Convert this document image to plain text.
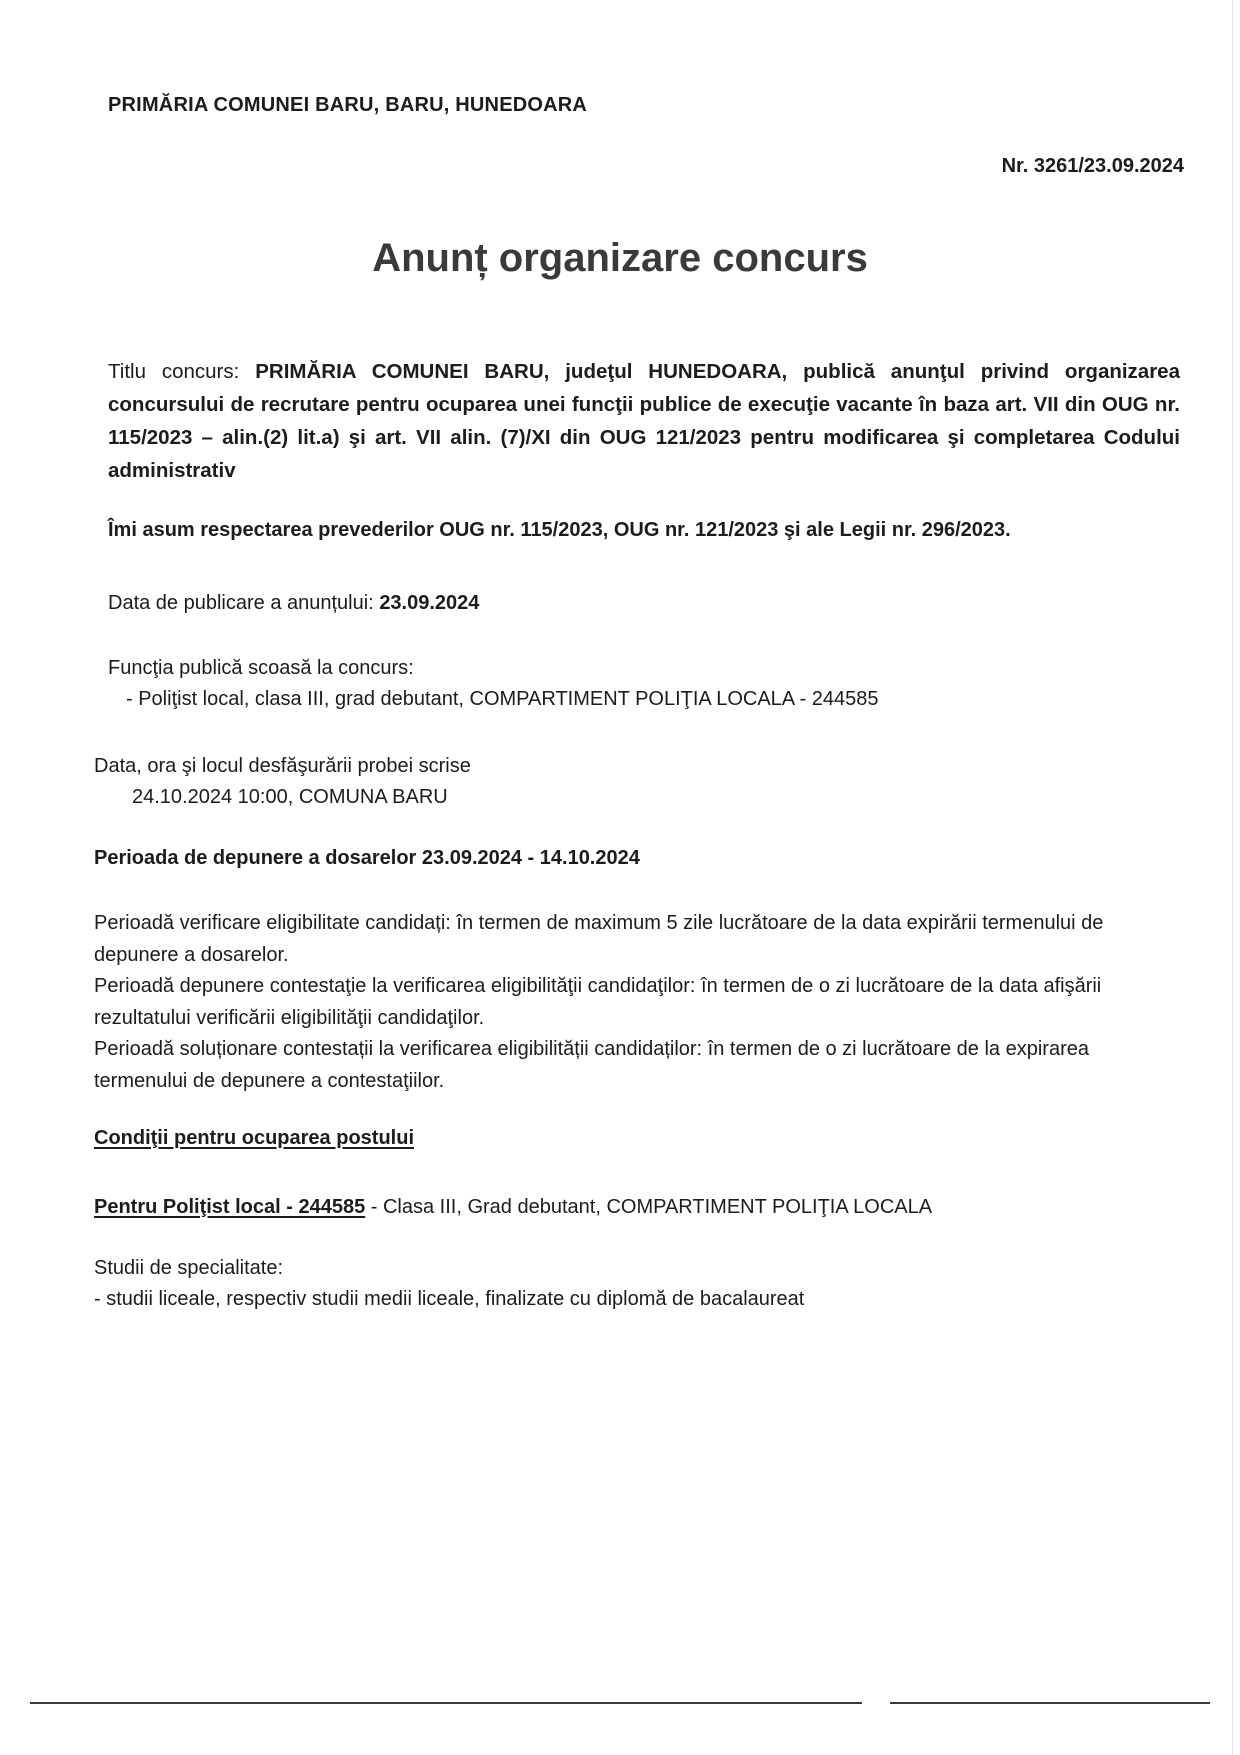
PRIMĂRIA COMUNEI BARU, BARU, HUNEDOARA
Nr. 3261/23.09.2024
Anunț organizare concurs
Titlu concurs: PRIMĂRIA COMUNEI BARU, judeţul HUNEDOARA, publică anunţul privind organizarea concursului de recrutare pentru ocuparea unei funcţii publice de execuţie vacante în baza art. VII din OUG nr. 115/2023 – alin.(2) lit.a) şi art. VII alin. (7)/XI din OUG 121/2023 pentru modificarea şi completarea Codului administrativ
Îmi asum respectarea prevederilor OUG nr. 115/2023, OUG nr. 121/2023 şi ale Legii nr. 296/2023.
Data de publicare a anunțului: 23.09.2024
Funcţia publică scoasă la concurs:
- Poliţist local, clasa III, grad debutant, COMPARTIMENT POLIŢIA LOCALA - 244585
Data, ora şi locul desfăşurării probei scrise
24.10.2024 10:00, COMUNA BARU
Perioada de depunere a dosarelor 23.09.2024 - 14.10.2024

Perioadă verificare eligibilitate candidați: în termen de maximum 5 zile lucrătoare de la data expirării termenului de depunere a dosarelor.

Perioadă depunere contestaţie la verificarea eligibilităţii candidaţilor: în termen de o zi lucrătoare de la data afişării rezultatului verificării eligibilităţii candidaţilor.

Perioadă soluționare contestații la verificarea eligibilității candidaților: în termen de o zi lucrătoare de la expirarea termenului de depunere a contestaţiilor.

Condiţii pentru ocuparea postului
Pentru Poliţist local - 244585 - Clasa III, Grad debutant, COMPARTIMENT POLIŢIA LOCALA
Studii de specialitate:
- studii liceale, respectiv studii medii liceale, finalizate cu diplomă de bacalaureat
